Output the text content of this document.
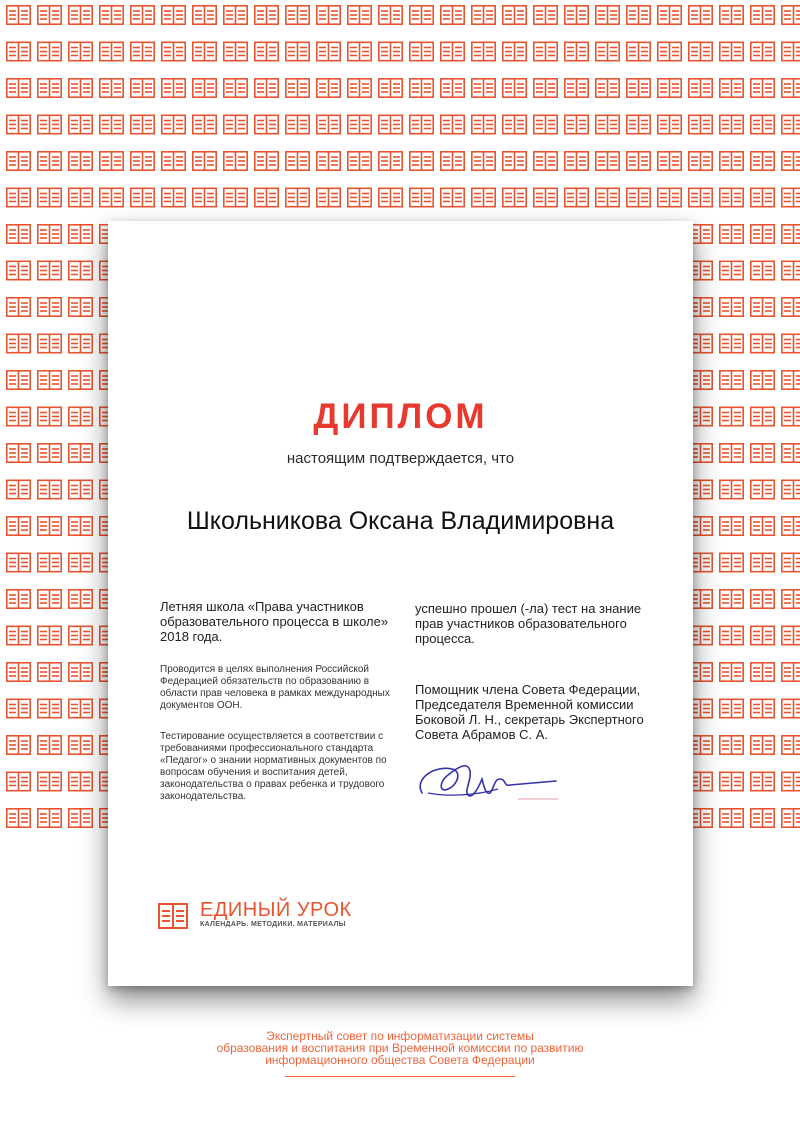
ДИПЛОМ
настоящим подтверждается, что
Школьникова Оксана Владимировна
Летняя школа «Права участников образовательного процесса в школе» 2018 года.
Проводится в целях выполнения Российской Федерацией обязательств по образованию в области прав человека в рамках международных документов ООН.
Тестирование осуществляется в соответствии с требованиями профессионального стандарта «Педагог» о знании нормативных документов по вопросам обучения и воспитания детей, законодательства о правах ребенка и трудового законодательства.
успешно прошел (-ла) тест на знание прав участников образовательного процесса.
Помощник члена Совета Федерации, Председателя Временной комиссии Боковой Л. Н., секретарь Экспертного Совета Абрамов С. А.
ЕДИНЫЙ УРОК
КАЛЕНДАРЬ. МЕТОДИКИ. МАТЕРИАЛЫ
Экспертный совет по информатизации системы
образования и воспитания при Временной комиссии по развитию
информационного общества Совета Федерации
